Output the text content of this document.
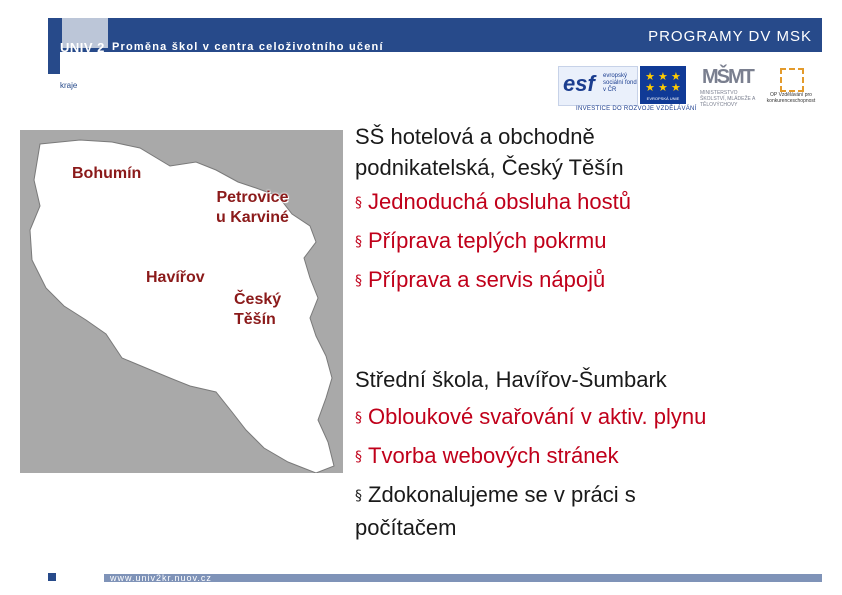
UNIV 2
kraje
Proměna škol v centra celoživotního učení
PROGRAMY DV MSK
esf evropský sociální fond v ČR
★ ★ ★
★ ★ ★
EVROPSKÁ UNIE
MŠMT
MINISTERSTVO ŠKOLSTVÍ, MLÁDEŽE A TĚLOVÝCHOVY
OP Vzdělávání pro konkurenceschopnost
INVESTICE DO ROZVOJE VZDĚLÁVÁNÍ
Bohumín
Petrovice
u Karviné
Havířov
Český
Těšín
SŠ hotelová a obchodně
podnikatelská, Český Těšín
§ Jednoduchá obsluha hostů
§ Příprava teplých pokrmu
§ Příprava a servis nápojů
Střední škola, Havířov-Šumbark
§ Obloukové svařování v aktiv. plynu
§ Tvorba webových stránek
§ Zdokonalujeme se v práci s
počítačem
www.univ2kr.nuov.cz
